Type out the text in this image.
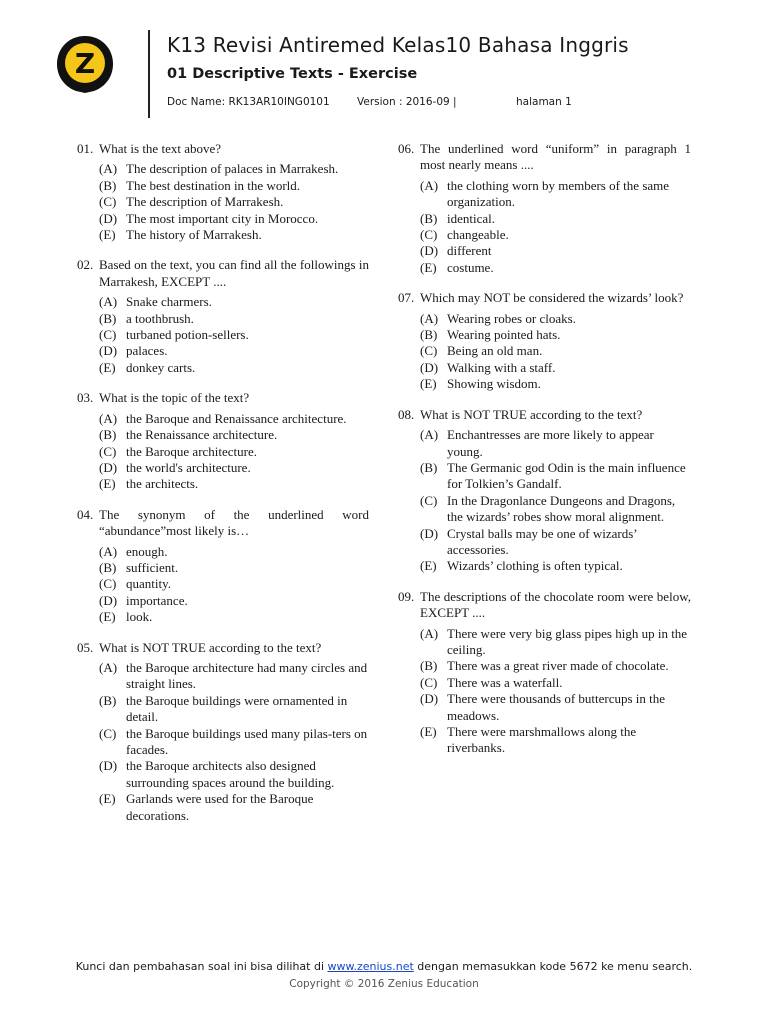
Z
K13 Revisi Antiremed Kelas10 Bahasa Inggris
01 Descriptive Texts - Exercise
Doc Name: RK13AR10ING0101	Version : 2016-09 |	halaman 1
01. What is the text above?
(A) The description of palaces in Marrakesh.
(B) The best destination in the world.
(C) The description of Marrakesh.
(D) The most important city in Morocco.
(E) The history of Marrakesh.
02. Based on the text, you can find all the followings in Marrakesh, EXCEPT ....
(A) Snake charmers.
(B) a toothbrush.
(C) turbaned potion-sellers.
(D) palaces.
(E) donkey carts.
03. What is the topic of the text?
(A) the Baroque and Renaissance architecture.
(B) the Renaissance architecture.
(C) the Baroque architecture.
(D) the world's architecture.
(E) the architects.
04. The synonym of the underlined word “abundance”most likely is…
(A) enough.
(B) sufficient.
(C) quantity.
(D) importance.
(E) look.
05. What is NOT TRUE according to the text?
(A) the Baroque architecture had many circles and straight lines.
(B) the Baroque buildings were ornamented in detail.
(C) the Baroque buildings used many pilas-ters on facades.
(D) the Baroque architects also designed surrounding spaces around the building.
(E) Garlands were used for the Baroque decorations.
06. The underlined word “uniform” in paragraph 1 most nearly means ....
(A) the clothing worn by members of the same organization.
(B) identical.
(C) changeable.
(D) different
(E) costume.
07. Which may NOT be considered the wizards’ look?
(A) Wearing robes or cloaks.
(B) Wearing pointed hats.
(C) Being an old man.
(D) Walking with a staff.
(E) Showing wisdom.
08. What is NOT TRUE according to the text?
(A) Enchantresses are more likely to appear young.
(B) The Germanic god Odin is the main influence for Tolkien’s Gandalf.
(C) In the Dragonlance Dungeons and Dragons, the wizards’ robes show moral alignment.
(D) Crystal balls may be one of wizards’ accessories.
(E) Wizards’ clothing is often typical.
09. The descriptions of the chocolate room were below, EXCEPT ....
(A) There were very big glass pipes high up in the ceiling.
(B) There was a great river made of chocolate.
(C) There was a waterfall.
(D) There were thousands of buttercups in the meadows.
(E) There were marshmallows along the riverbanks.
Kunci dan pembahasan soal ini bisa dilihat di www.zenius.net dengan memasukkan kode 5672 ke menu search.
Copyright © 2016 Zenius Education
